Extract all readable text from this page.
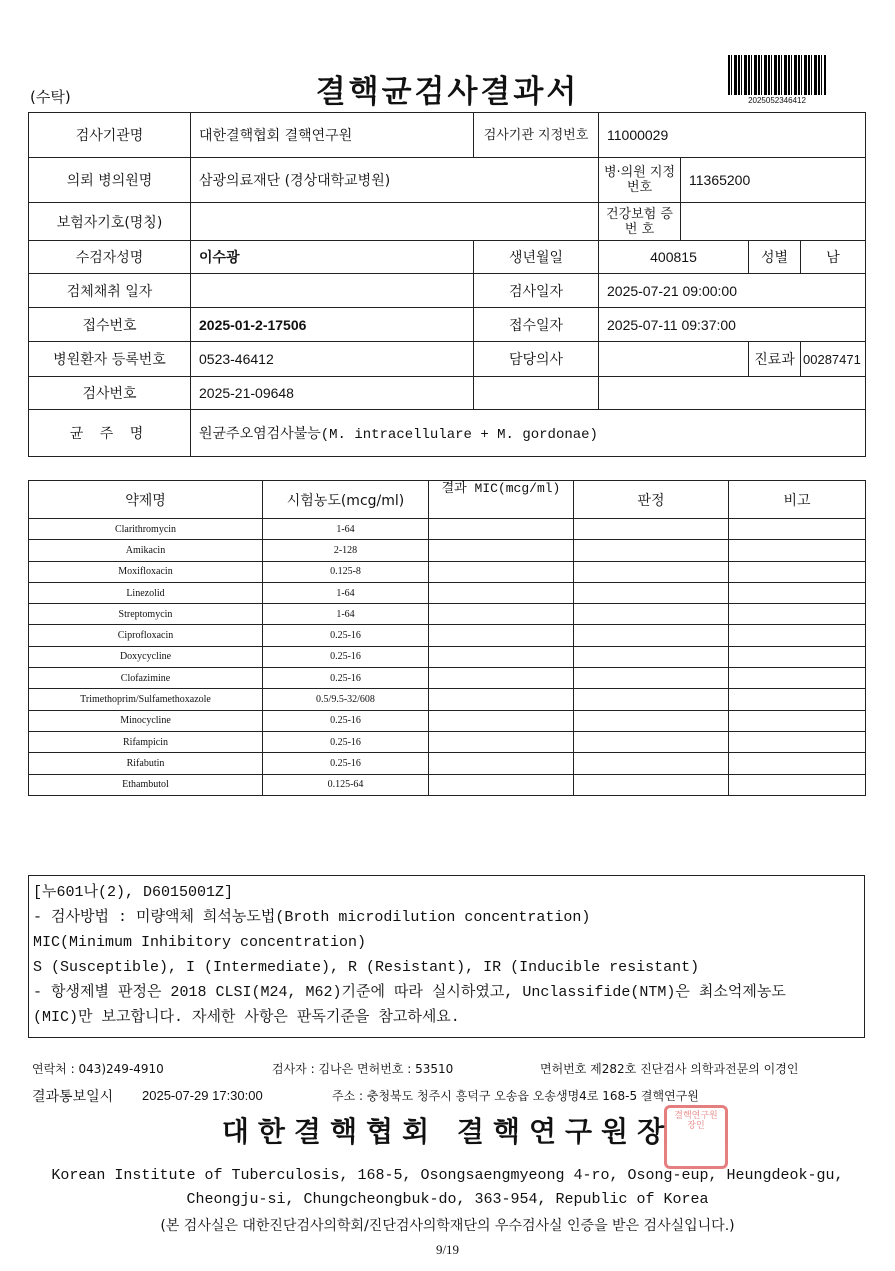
(수탁)	결핵균검사결과서	2025052346412
검사기관명	대한결핵협회 결핵연구원	검사기관 지정번호	11000029			
의뢰 병의원명	삼광의료재단 (경상대학교병원)		병·의원 지정번호	11365200		
보험자기호(명칭)			건강보험 증 번 호			
수검자성명	이수광	생년월일	400815		성별	남
검체채취 일자		검사일자	2025-07-21 09:00:00			
접수번호	2025-01-2-17506	접수일자	2025-07-11 09:37:00			
병원환자 등록번호	0523-46412	담당의사			진료과	00287471
검사번호	2025-21-09648					
균 주 명	원균주오염검사불능(M. intracellulare + M. gordonae)					
약제명	시험농도(mcg/ml)	결과 MIC(mcg/ml)	판정	비고
Clarithromycin	1-64			
Amikacin	2-128			
Moxifloxacin	0.125-8			
Linezolid	1-64			
Streptomycin	1-64			
Ciprofloxacin	0.25-16			
Doxycycline	0.25-16			
Clofazimine	0.25-16			
Trimethoprim/Sulfamethoxazole	0.5/9.5-32/608			
Minocycline	0.25-16			
Rifampicin	0.25-16			
Rifabutin	0.25-16			
Ethambutol	0.125-64			
[누601나(2), D6015001Z]
- 검사방법 : 미량액체 희석농도법(Broth microdilution concentration)
MIC(Minimum Inhibitory concentration)
S (Susceptible), I (Intermediate), R (Resistant), IR (Inducible resistant)
- 항생제별 판정은 2018 CLSI(M24, M62)기준에 따라 실시하였고, Unclassifide(NTM)은 최소억제농도
(MIC)만 보고합니다. 자세한 사항은 판독기준을 참고하세요.
연락처 : 043)249-4910	검사자 : 김나은 면허번호 : 53510	면허번호 제282호 진단검사 의학과전문의 이경인
결과통보일시 2025-07-29 17:30:00	주소 : 충청북도 청주시 흥덕구 오송읍 오송생명4로 168-5 결핵연구원
결핵연구원장인
대한결핵협회 결핵연구원장
Korean Institute of Tuberculosis, 168-5, Osongsaengmyeong 4-ro, Osong-eup, Heungdeok-gu,
Cheongju-si, Chungcheongbuk-do, 363-954, Republic of Korea
(본 검사실은 대한진단검사의학회/진단검사의학재단의 우수검사실 인증을 받은 검사실입니다.)
9/19
